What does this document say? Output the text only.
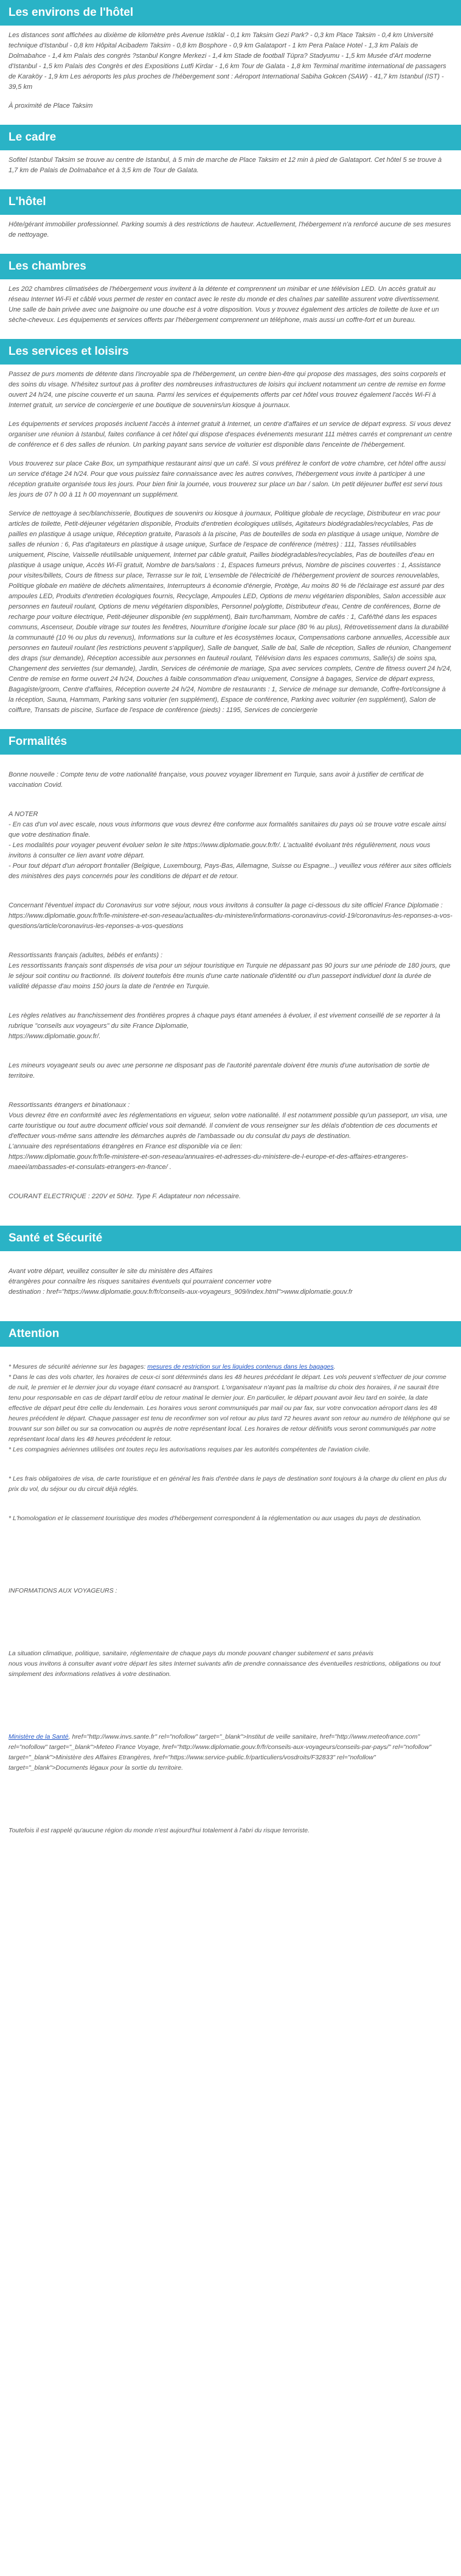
Les environs de l'hôtel

Les distances sont affichées au dixième de kilomètre près Avenue Istiklal - 0,1 km Taksim Gezi Park? - 0,3 km Place Taksim - 0,4 km Université technique d'Istanbul - 0,8 km Hôpital Acibadem Taksim - 0,8 km Bosphore - 0,9 km Galataport - 1 km Pera Palace Hotel - 1,3 km Palais de Dolmabahce - 1,4 km Palais des congrès ?stanbul Kongre Merkezi - 1,4 km Stade de football Tüpra? Stadyumu - 1,5 km Musée d'Art moderne d'Istanbul - 1,5 km Palais des Congrès et des Expositions Lutfi Kirdar - 1,6 km Tour de Galata - 1,8 km Terminal maritime international de passagers de Karaköy - 1,9 km Les aéroports les plus proches de l'hébergement sont : Aéroport International Sabiha Gokcen (SAW) - 41,7 km Istanbul (IST) - 39,5 km

À proximité de Place Taksim

Le cadre

Sofitel Istanbul Taksim se trouve au centre de Istanbul, à 5 min de marche de Place Taksim et 12 min à pied de Galataport. Cet hôtel 5 se trouve à 1,7 km de Palais de Dolmabahce et à 3,5 km de Tour de Galata.

L'hôtel

Hôte/gérant immobilier professionnel. Parking soumis à des restrictions de hauteur. Actuellement, l'hébergement n'a renforcé aucune de ses mesures de nettoyage.

Les chambres

Les 202 chambres climatisées de l'hébergement vous invitent à la détente et comprennent un minibar et une télévision LED. Un accès gratuit au réseau Internet Wi-Fi et câblé vous permet de rester en contact avec le reste du monde et des chaînes par satellite assurent votre divertissement. Une salle de bain privée avec une baignoire ou une douche est à votre disposition. Vous y trouvez également des articles de toilette de luxe et un sèche-cheveux. Les équipements et services offerts par l'hébergement comprennent un téléphone, mais aussi un coffre-fort et un bureau.

Les services et loisirs

Passez de purs moments de détente dans l'incroyable spa de l'hébergement, un centre bien-être qui propose des massages, des soins corporels et des soins du visage. N'hésitez surtout pas à profiter des nombreuses infrastructures de loisirs qui incluent notamment un centre de remise en forme ouvert 24 h/24, une piscine couverte et un sauna. Parmi les services et équipements offerts par cet hôtel vous trouvez également l'accès Wi-Fi à Internet gratuit, un service de conciergerie et une boutique de souvenirs/un kiosque à journaux.

Les équipements et services proposés incluent l'accès à internet gratuit à Internet, un centre d'affaires et un service de départ express. Si vous devez organiser une réunion à Istanbul, faites confiance à cet hôtel qui dispose d'espaces événements mesurant 111 mètres carrés et comprenant un centre de conférence et 6 des salles de réunion. Un parking payant sans service de voiturier est disponible dans l'enceinte de l'hébergement.

Vous trouverez sur place Cake Box, un sympathique restaurant ainsi que un café. Si vous préférez le confort de votre chambre, cet hôtel offre aussi un service d'étage 24 h/24. Pour que vous puissiez faire connaissance avec les autres convives, l'hébergement vous invite à participer à une réception gratuite organisée tous les jours. Pour bien finir la journée, vous trouverez sur place un bar / salon. Un petit déjeuner buffet est servi tous les jours de 07 h 00 à 11 h 00 moyennant un supplément.

Service de nettoyage à sec/blanchisserie, Boutiques de souvenirs ou kiosque à journaux, Politique globale de recyclage, Distributeur en vrac pour articles de toilette, Petit-déjeuner végétarien disponible, Produits d'entretien écologiques utilisés, Agitateurs biodégradables/recyclables, Pas de pailles en plastique à usage unique, Réception gratuite, Parasols à la piscine, Pas de bouteilles de soda en plastique à usage unique, Nombre de salles de réunion : 6, Pas d'agitateurs en plastique à usage unique, Surface de l'espace de conférence (mètres) : 111, Tasses réutilisables uniquement, Piscine, Vaisselle réutilisable uniquement, Internet par câble gratuit, Pailles biodégradables/recyclables, Pas de bouteilles d'eau en plastique à usage unique, Accès Wi-Fi gratuit, Nombre de bars/salons : 1, Espaces fumeurs prévus, Nombre de piscines couvertes : 1, Assistance pour visites/billets, Cours de fitness sur place, Terrasse sur le toit, L'ensemble de l'électricité de l'hébergement provient de sources renouvelables, Politique globale en matière de déchets alimentaires, Interrupteurs à économie d'énergie, Protège, Au moins 80 % de l'éclairage est assuré par des ampoules LED, Produits d'entretien écologiques fournis, Recyclage, Ampoules LED, Options de menu végétarien disponibles, Salon accessible aux personnes en fauteuil roulant, Options de menu végétarien disponibles, Personnel polyglotte, Distributeur d'eau, Centre de conférences, Borne de recharge pour voiture électrique, Petit-déjeuner disponible (en supplément), Bain turc/hammam, Nombre de cafés : 1, Café/thé dans les espaces communs, Ascenseur, Double vitrage sur toutes les fenêtres, Nourriture d'origine locale sur place (80 % au plus), Rétrovetissement dans la durabilité la communauté (10 % ou plus du revenus), Informations sur la culture et les écosystèmes locaux, Compensations carbone annuelles, Accessible aux personnes en fauteuil roulant (les restrictions peuvent s'appliquer), Salle de banquet, Salle de bal, Salle de réception, Salles de réunion, Changement des draps (sur demande), Réception accessible aux personnes en fauteuil roulant, Télévision dans les espaces communs, Salle(s) de soins spa, Changement des serviettes (sur demande), Jardin, Services de cérémonie de mariage, Spa avec services complets, Centre de fitness ouvert 24 h/24, Centre de remise en forme ouvert 24 h/24, Douches à faible consommation d'eau uniquement, Consigne à bagages, Service de départ express, Bagagiste/groom, Centre d'affaires, Réception ouverte 24 h/24, Nombre de restaurants : 1, Service de ménage sur demande, Coffre-fort/consigne à la réception, Sauna, Hammam, Parking sans voiturier (en supplément), Espace de conférence, Parking avec voiturier (en supplément), Salon de coiffure, Transats de piscine, Surface de l'espace de conférence (pieds) : 1195, Services de conciergerie

Formalités

Bonne nouvelle : Compte tenu de votre nationalité française, vous pouvez voyager librement en Turquie, sans avoir à justifier de certificat de vaccination Covid.

A NOTER
- En cas d'un vol avec escale, nous vous informons que vous devrez être conforme aux formalités sanitaires du pays où se trouve votre escale ainsi que votre destination finale.
- Les modalités pour voyager peuvent évoluer selon le site https://www.diplomatie.gouv.fr/fr/. L'actualité évoluant très régulièrement, nous vous invitons à consulter ce lien avant votre départ.
- Pour tout départ d'un aéroport frontalier (Belgique, Luxembourg, Pays-Bas, Allemagne, Suisse ou Espagne...) veuillez vous référer aux sites officiels des ministères des pays concernés pour les conditions de départ et de retour.

Concernant l'éventuel impact du Coronavirus sur votre séjour, nous vous invitons à consulter la page ci-dessous du site officiel France Diplomatie :
https://www.diplomatie.gouv.fr/fr/le-ministere-et-son-reseau/actualites-du-ministere/informations-coronavirus-covid-19/coronavirus-les-reponses-a-vos-questions/article/coronavirus-les-reponses-a-vos-questions

Ressortissants français (adultes, bébés et enfants) :
Les ressortissants français sont dispensés de visa pour un séjour touristique en Turquie ne dépassant pas 90 jours sur une période de 180 jours, que le séjour soit continu ou fractionné. Ils doivent toutefois être munis d'une carte nationale d'identité ou d'un passeport individuel dont la durée de validité dépasse d'au moins 150 jours la date de l'entrée en Turquie.

Les règles relatives au franchissement des frontières propres à chaque pays étant amenées à évoluer, il est vivement conseillé de se reporter à la rubrique "conseils aux voyageurs" du site France Diplomatie,
https://www.diplomatie.gouv.fr/.

Les mineurs voyageant seuls ou avec une personne ne disposant pas de l'autorité parentale doivent être munis d'une autorisation de sortie de territoire.

Ressortissants étrangers et binationaux :
Vous devrez être en conformité avec les réglementations en vigueur, selon votre nationalité. Il est notamment possible qu'un passeport, un visa, une carte touristique ou tout autre document officiel vous soit demandé. Il convient de vous renseigner sur les délais d'obtention de ces documents et d'effectuer vous-même sans attendre les démarches auprès de l'ambassade ou du consulat du pays de destination.
L'annuaire des représentations étrangères en France est disponible via ce lien:
https://www.diplomatie.gouv.fr/fr/le-ministere-et-son-reseau/annuaires-et-adresses-du-ministere-de-l-europe-et-des-affaires-etrangeres-maeei/ambassades-et-consulats-etrangers-en-france/ .

COURANT ELECTRIQUE : 220V et 50Hz. Type F. Adaptateur non nécessaire.

Santé et Sécurité

Avant votre départ, veuillez consulter le site du ministère des Affaires
étrangères pour connaître les risques sanitaires éventuels qui pourraient concerner votre
destination : href="https://www.diplomatie.gouv.fr/fr/conseils-aux-voyageurs_909/index.html">www.diplomatie.gouv.fr

Attention

* Mesures de sécurité aérienne sur les bagages: mesures de restriction sur les liquides contenus dans les bagages.
* Dans le cas des vols charter, les horaires de ceux-ci sont déterminés dans les 48 heures précédant le départ. Les vols peuvent s'effectuer de jour comme de nuit, le premier et le dernier jour du voyage étant consacré au transport. L'organisateur n'ayant pas la maîtrise du choix des horaires, il ne saurait être tenu pour responsable en cas de départ tardif et/ou de retour matinal le dernier jour. En particulier, le départ pouvant avoir lieu tard en soirée, la date effective de départ peut être celle du lendemain. Les horaires vous seront communiqués par mail ou par fax, sur votre convocation aéroport dans les 48 heures précédent le départ. Chaque passager est tenu de reconfirmer son vol retour au plus tard 72 heures avant son retour au numéro de téléphone qui se trouvant sur son billet ou sur sa convocation ou auprès de notre représentant local. Les horaires de retour définitifs vous seront communiqués par notre représentant local dans les 48 heures précédent le retour.
* Les compagnies aériennes utilisées ont toutes reçu les autorisations requises par les autorités compétentes de l'aviation civile.

* Les frais obligatoires de visa, de carte touristique et en général les frais d'entrée dans le pays de destination sont toujours à la charge du client en plus du prix du vol, du séjour ou du circuit déjà réglés.

* L'homologation et le classement touristique des modes d'hébergement correspondent à la réglementation ou aux usages du pays de destination.

INFORMATIONS AUX VOYAGEURS :

La situation climatique, politique, sanitaire, réglementaire de chaque pays du monde pouvant changer subitement et sans préavis
nous vous invitons à consulter avant votre départ les sites Internet suivants afin de prendre connaissance des éventuelles restrictions, obligations ou tout simplement des informations relatives à votre destination.

Ministère de la Santé, href="http://www.invs.sante.fr" rel="nofollow" target="_blank">Institut de veille sanitaire, href="http://www.meteofrance.com" rel="nofollow" target="_blank">Meteo France Voyage, href="http://www.diplomatie.gouv.fr/fr/conseils-aux-voyageurs/conseils-par-pays/" rel="nofollow" target="_blank">Ministère des Affaires Etrangères, href="https://www.service-public.fr/particuliers/vosdroits/F32833" rel="nofollow" target="_blank">Documents légaux pour la sortie du territoire.

Toutefois il est rappelé qu'aucune région du monde n'est aujourd'hui totalement à l'abri du risque terroriste.
